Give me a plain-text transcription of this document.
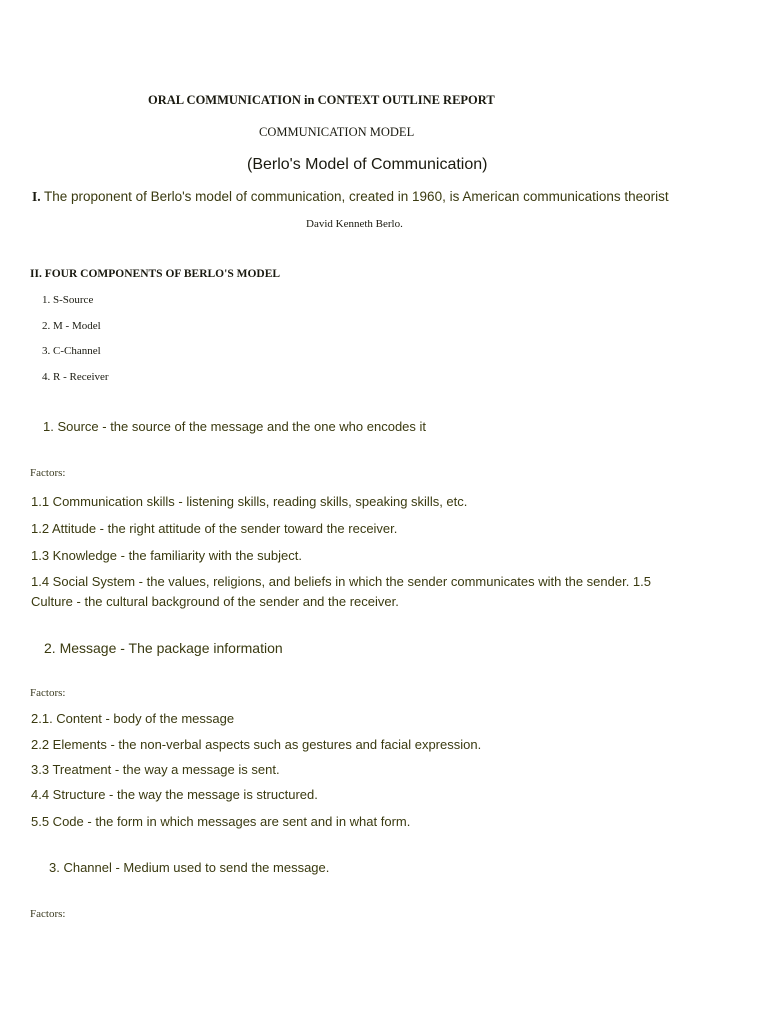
ORAL COMMUNICATION in CONTEXT OUTLINE REPORT
COMMUNICATION MODEL
(Berlo's Model of Communication)
I. The proponent of Berlo's model of communication, created in 1960, is American communications theorist
David Kenneth Berlo.
II. FOUR COMPONENTS OF BERLO'S MODEL
1. S-Source
2. M - Model
3. C-Channel
4. R - Receiver
1. Source - the source of the message and the one who encodes it
Factors:
1.1 Communication skills - listening skills, reading skills, speaking skills, etc.
1.2 Attitude - the right attitude of the sender toward the receiver.
1.3 Knowledge - the familiarity with the subject.
1.4 Social System - the values, religions, and beliefs in which the sender communicates with the sender. 1.5
Culture - the cultural background of the sender and the receiver.
2. Message - The package information
Factors:
2.1. Content - body of the message
2.2 Elements - the non-verbal aspects such as gestures and facial expression.
3.3 Treatment - the way a message is sent.
4.4 Structure - the way the message is structured.
5.5 Code - the form in which messages are sent and in what form.
3. Channel - Medium used to send the message.
Factors:
